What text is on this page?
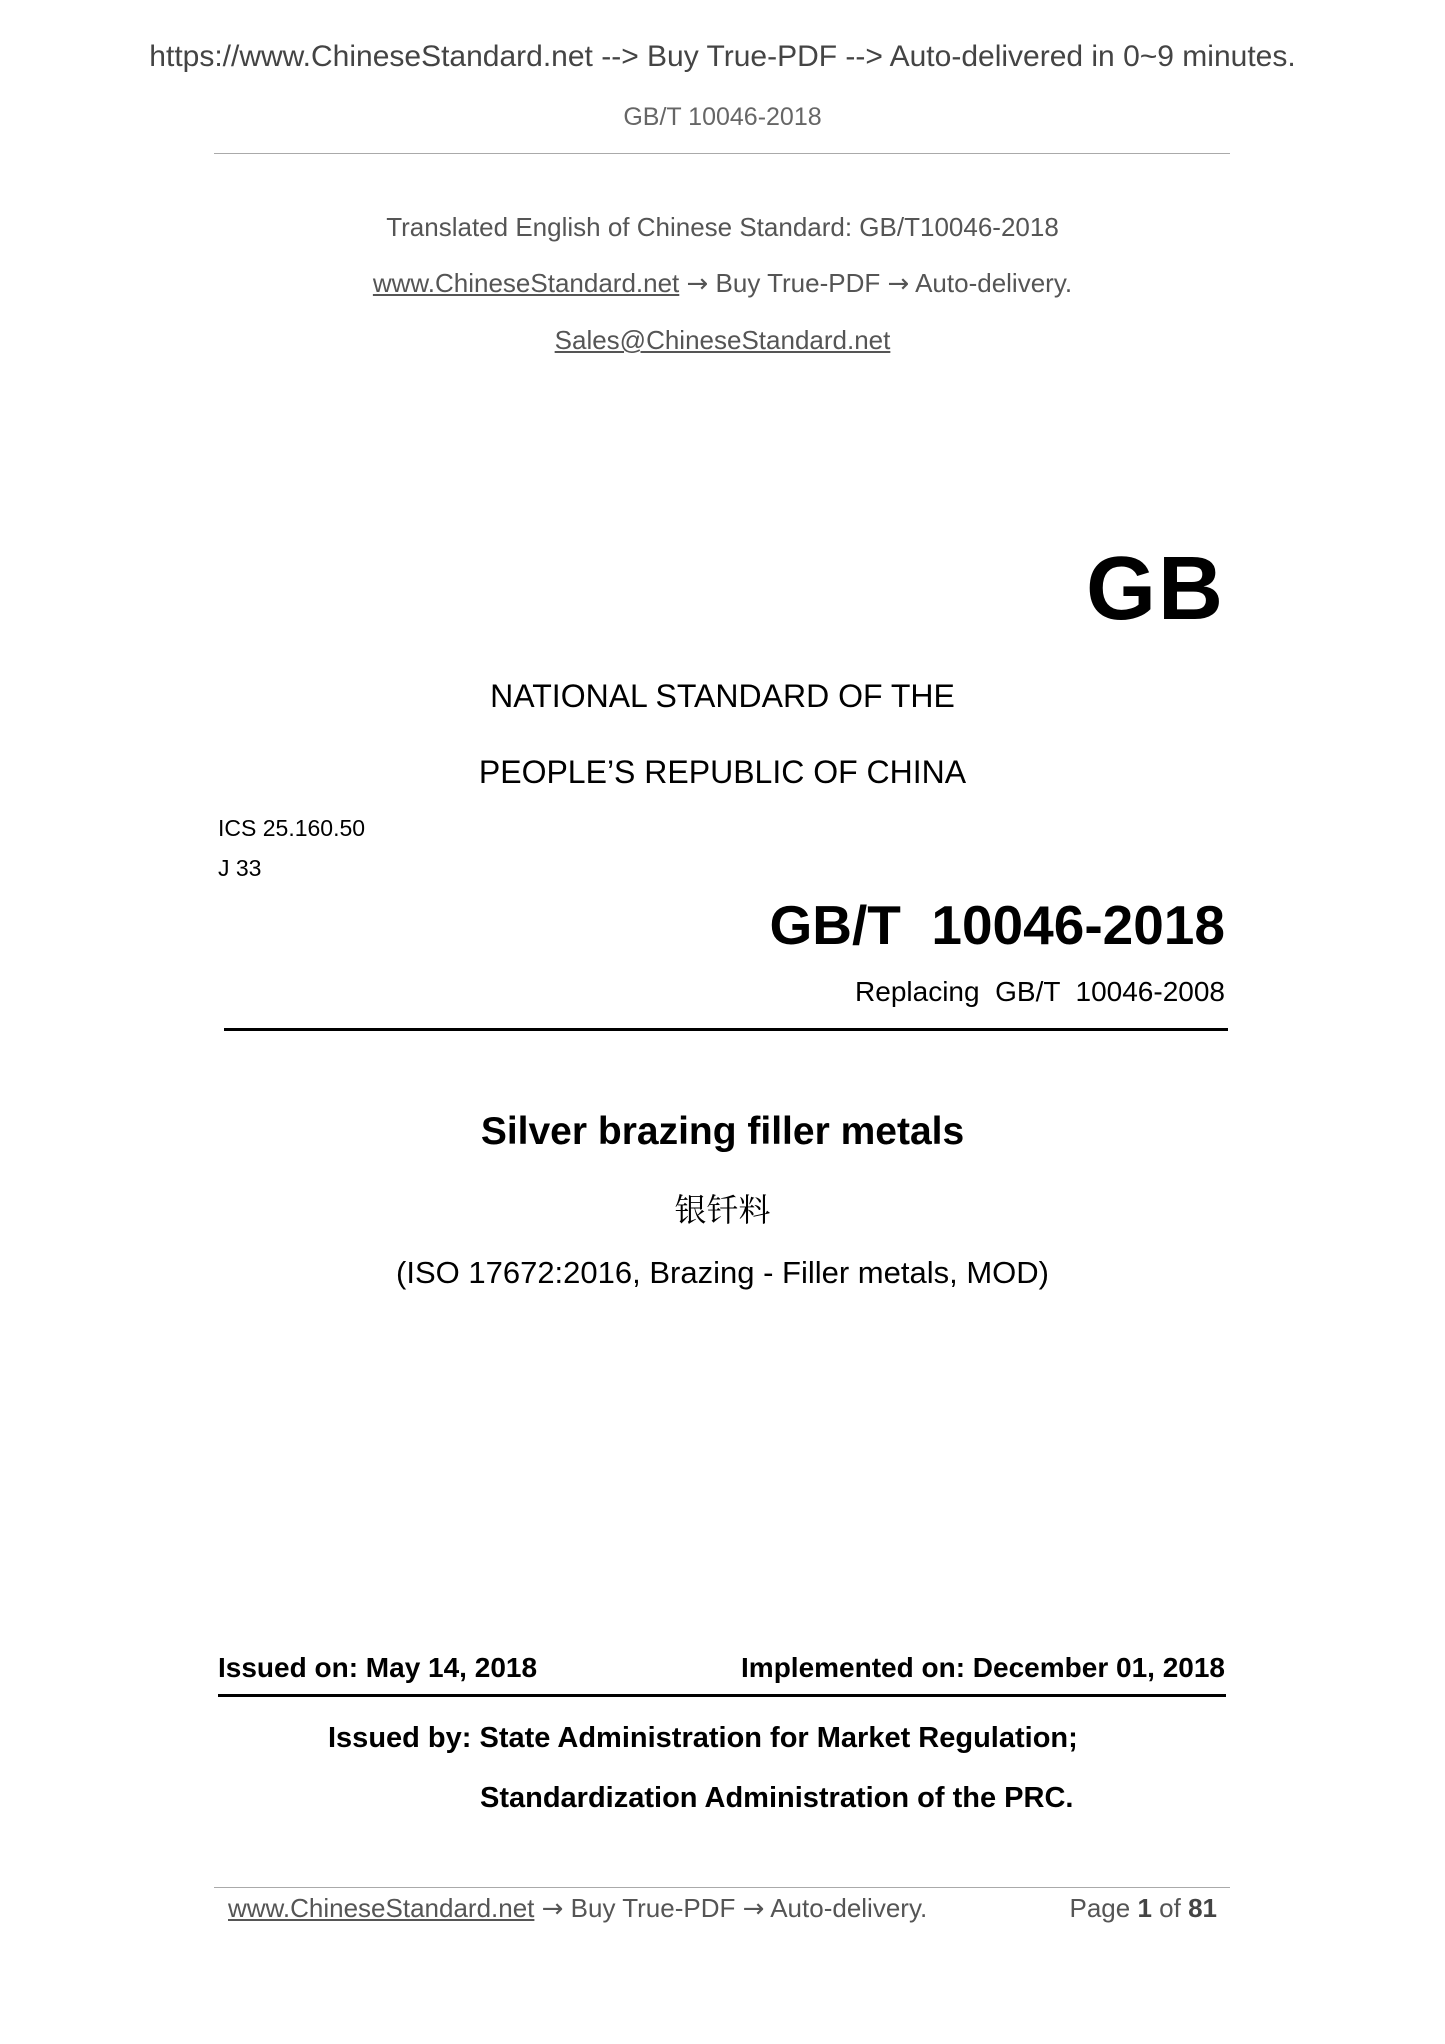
https://www.ChineseStandard.net --> Buy True-PDF --> Auto-delivered in 0~9 minutes.
GB/T 10046-2018
Translated English of Chinese Standard: GB/T10046-2018
www.ChineseStandard.net → Buy True-PDF → Auto-delivery.
Sales@ChineseStandard.net
GB
NATIONAL STANDARD OF THE
PEOPLE’S REPUBLIC OF CHINA
ICS 25.160.50
J 33
GB/T  10046-2018
Replacing  GB/T  10046-2008
Silver brazing filler metals
银钎料
(ISO 17672:2016, Brazing - Filler metals, MOD)
Issued on: May 14, 2018	Implemented on: December 01, 2018
Issued by: State Administration for Market Regulation;
Standardization Administration of the PRC.
www.ChineseStandard.net → Buy True-PDF → Auto-delivery.	Page 1 of 81
